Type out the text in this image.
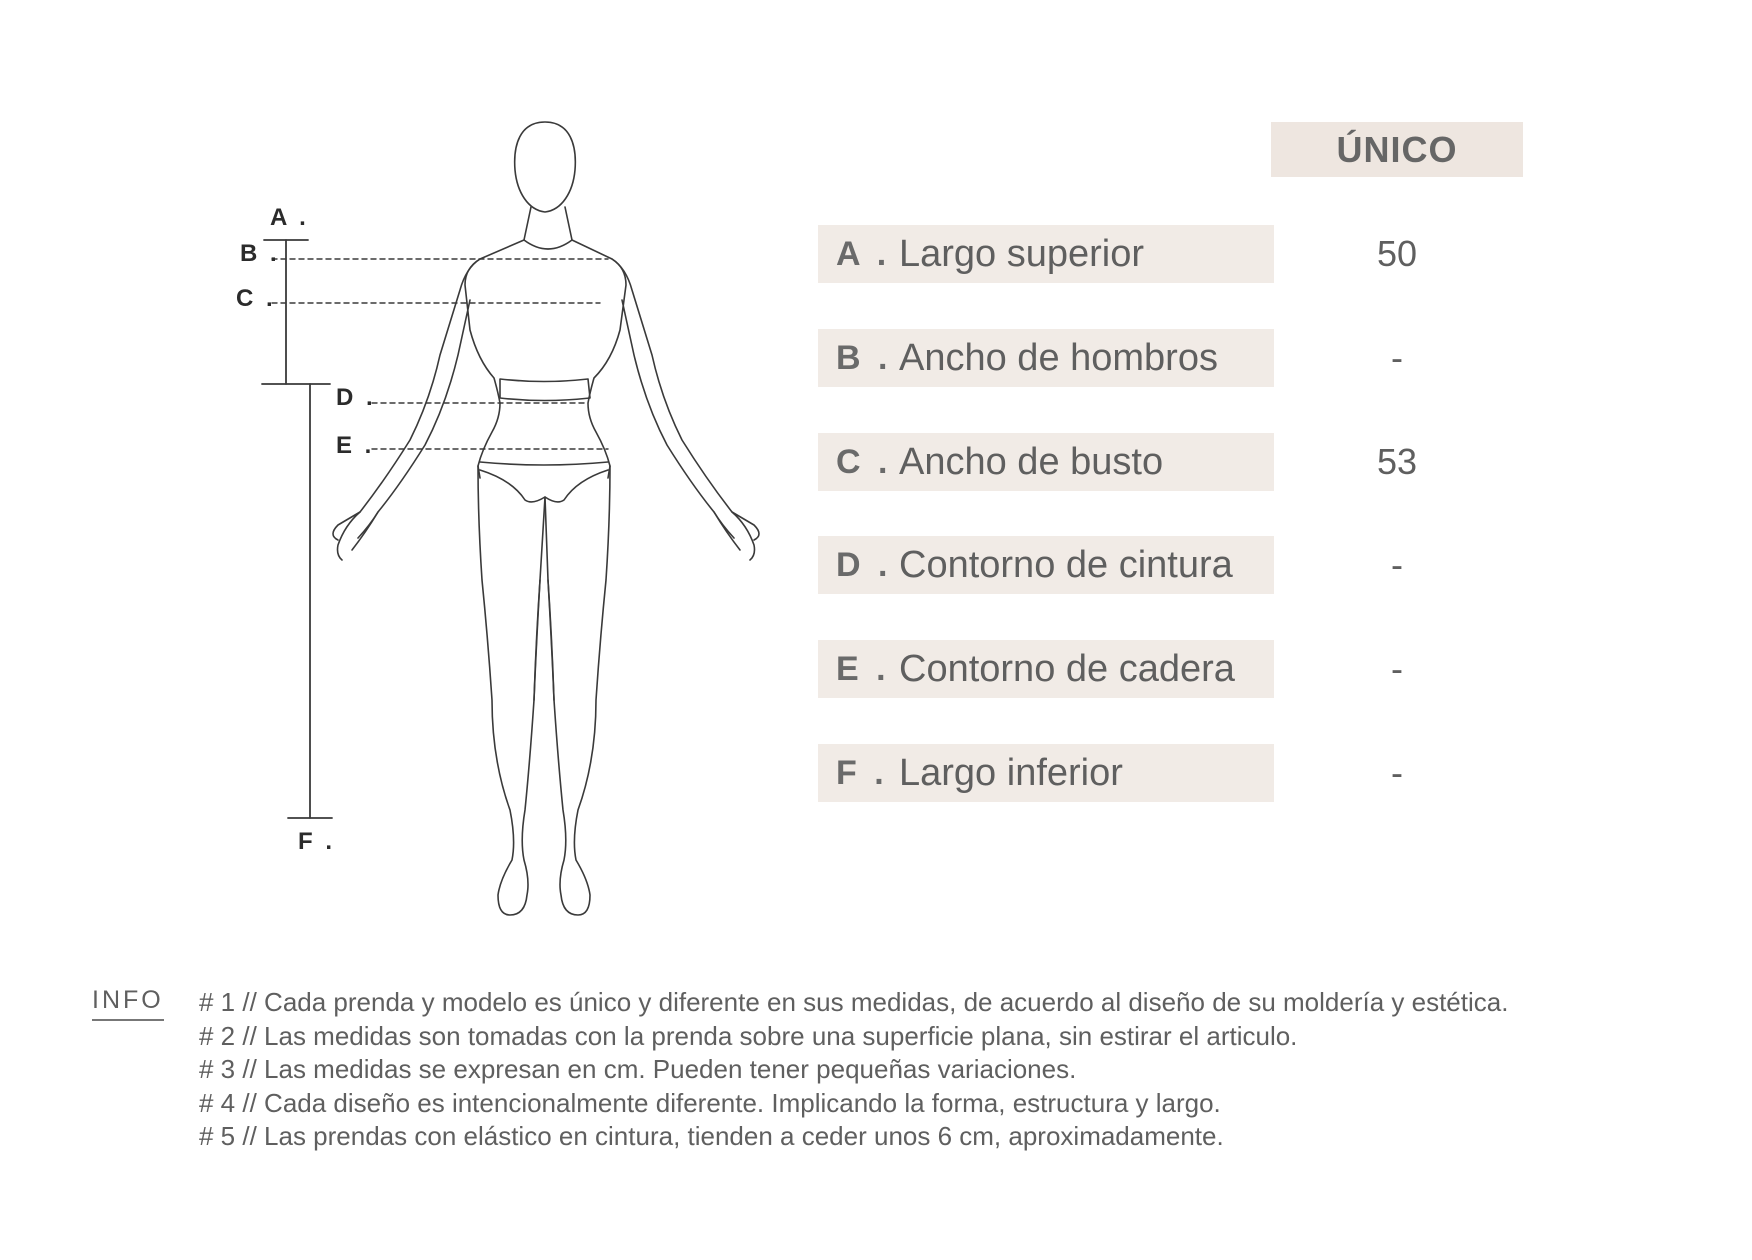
A .
B .
C .
D .
E .
F .
ÚNICO
A . Largo superior	50
B . Ancho de hombros	-
C . Ancho de busto	53
D . Contorno de cintura	-
E . Contorno de cadera	-
F . Largo inferior	-
INFO # 1 // Cada prenda y modelo es único y diferente en sus medidas, de acuerdo al diseño de su moldería y estética.
# 2 // Las medidas son tomadas con la prenda sobre una superficie plana, sin estirar el articulo.
# 3 // Las medidas se expresan en cm. Pueden tener pequeñas variaciones.
# 4 // Cada diseño es intencionalmente diferente. Implicando la forma, estructura y largo.
# 5 // Las prendas con elástico en cintura, tienden a ceder unos 6 cm, aproximadamente.
